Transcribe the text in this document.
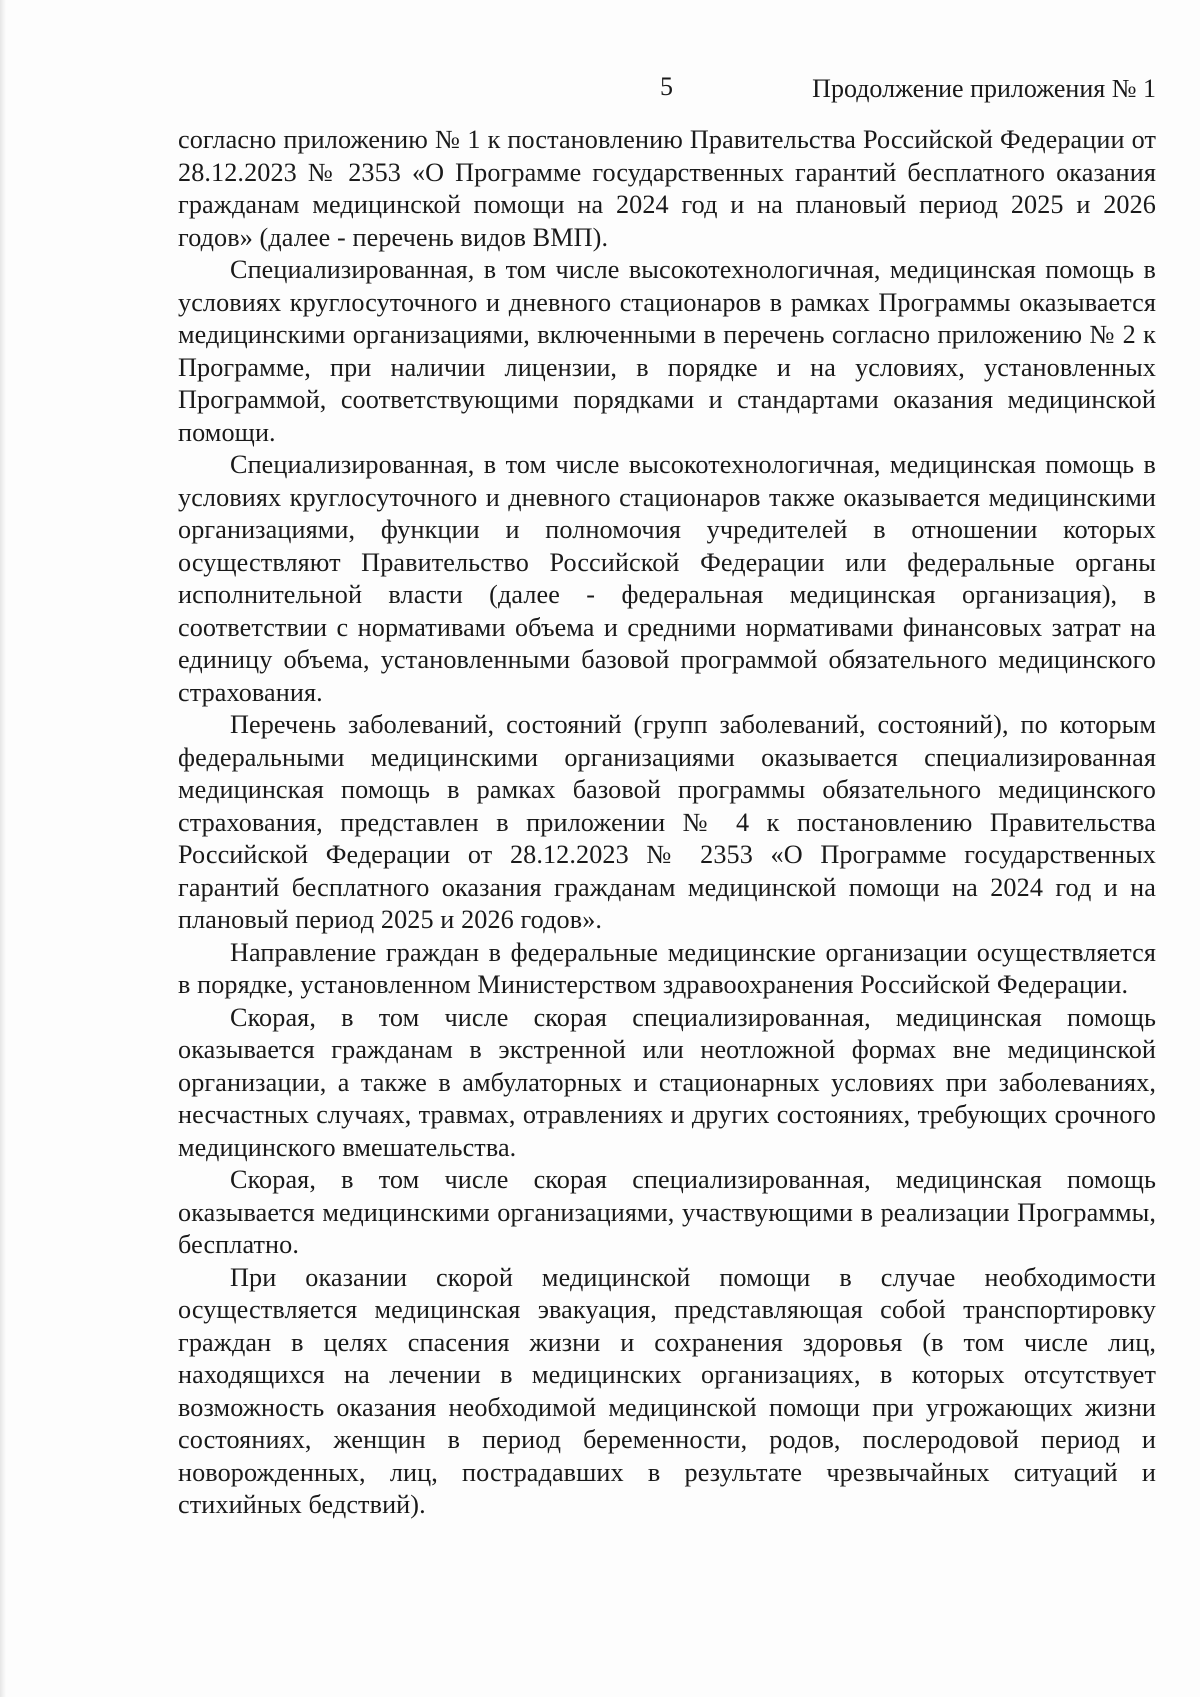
5	Продолжение приложения № 1

согласно приложению № 1 к постановлению Правительства Российской Федерации от 28.12.2023 № 2353 «О Программе государственных гарантий бесплатного оказания гражданам медицинской помощи на 2024 год и на плановый период 2025 и 2026 годов» (далее - перечень видов ВМП).

Специализированная, в том числе высокотехнологичная, медицинская помощь в условиях круглосуточного и дневного стационаров в рамках Программы оказывается медицинскими организациями, включенными в перечень согласно приложению № 2 к Программе, при наличии лицензии, в порядке и на условиях, установленных Программой, соответствующими порядками и стандартами оказания медицинской помощи.

Специализированная, в том числе высокотехнологичная, медицинская помощь в условиях круглосуточного и дневного стационаров также оказывается медицинскими организациями, функции и полномочия учредителей в отношении которых осуществляют Правительство Российской Федерации или федеральные органы исполнительной власти (далее - федеральная медицинская организация), в соответствии с нормативами объема и средними нормативами финансовых затрат на единицу объема, установленными базовой программой обязательного медицинского страхования.

Перечень заболеваний, состояний (групп заболеваний, состояний), по которым федеральными медицинскими организациями оказывается специализированная медицинская помощь в рамках базовой программы обязательного медицинского страхования, представлен в приложении № 4 к постановлению Правительства Российской Федерации от 28.12.2023 № 2353 «О Программе государственных гарантий бесплатного оказания гражданам медицинской помощи на 2024 год и на плановый период 2025 и 2026 годов».

Направление граждан в федеральные медицинские организации осуществляется в порядке, установленном Министерством здравоохранения Российской Федерации.

Скорая, в том числе скорая специализированная, медицинская помощь оказывается гражданам в экстренной или неотложной формах вне медицинской организации, а также в амбулаторных и стационарных условиях при заболеваниях, несчастных случаях, травмах, отравлениях и других состояниях, требующих срочного медицинского вмешательства.

Скорая, в том числе скорая специализированная, медицинская помощь оказывается медицинскими организациями, участвующими в реализации Программы, бесплатно.

При оказании скорой медицинской помощи в случае необходимости осуществляется медицинская эвакуация, представляющая собой транспортировку граждан в целях спасения жизни и сохранения здоровья (в том числе лиц, находящихся на лечении в медицинских организациях, в которых отсутствует возможность оказания необходимой медицинской помощи при угрожающих жизни состояниях, женщин в период беременности, родов, послеродовой период и новорожденных, лиц, пострадавших в результате чрезвычайных ситуаций и стихийных бедствий).
